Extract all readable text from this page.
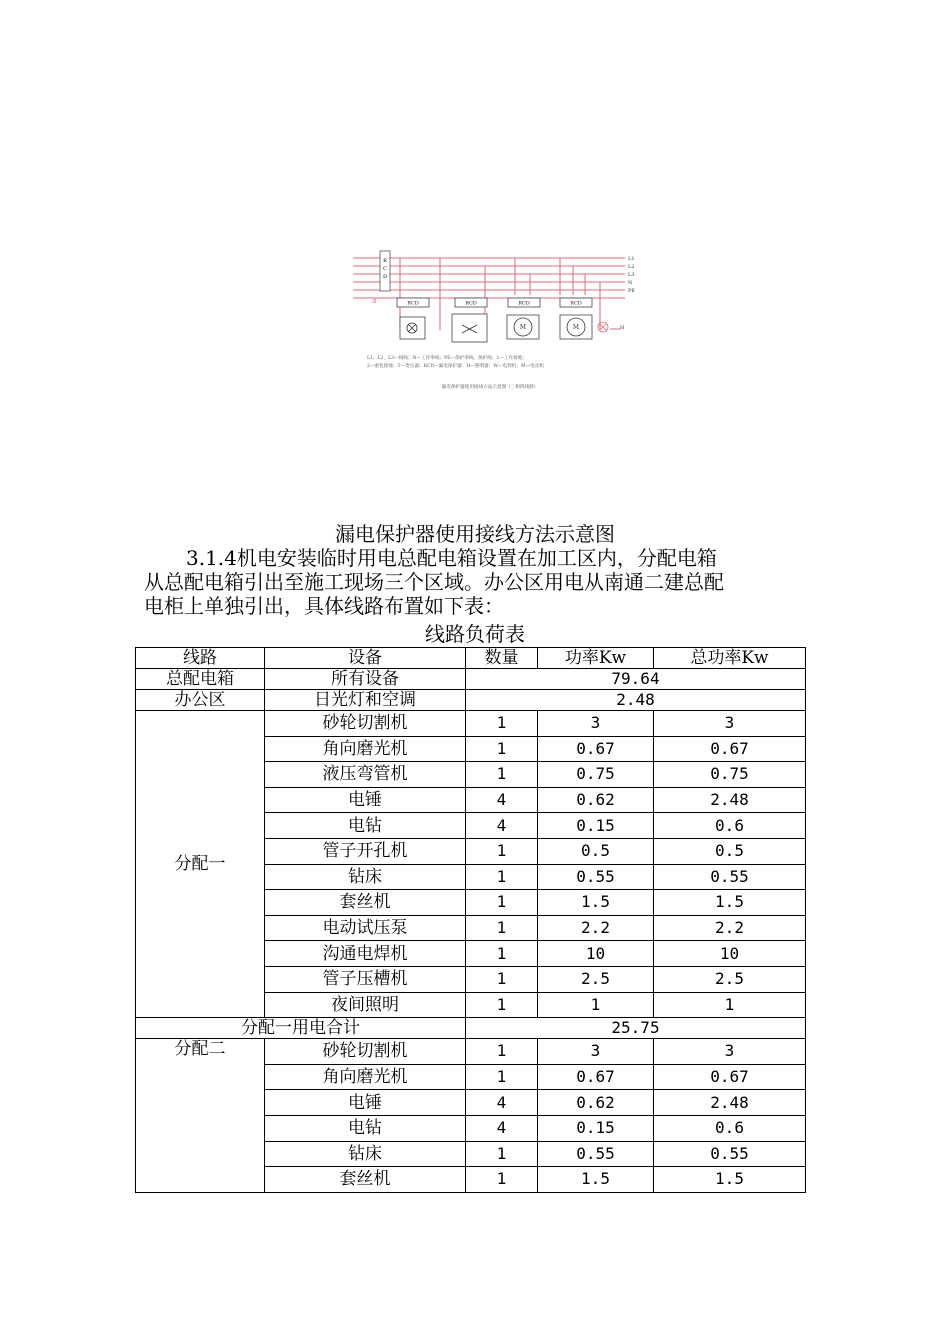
R
C
D
2	RCD	RCD	RCD	RCD
M	M	H
L1
L2
L3
N
PE
L1、L2、L3—相线；N—工作零线；PE—保护零线、保护线；1—工作接地；
2—重复接地；T—变压器；RCD—漏电保护器；H—照明器；W—电焊机；M—电动机
漏电保护器使用接线方法示意图（三相四线制）
漏电保护器使用接线方法示意图
3.1.4机电安装临时用电总配电箱设置在加工区内，分配电箱
从总配电箱引出至施工现场三个区域。办公区用电从南通二建总配
电柜上单独引出，具体线路布置如下表：
线路负荷表
线路	设备	数量	功率Kw	总功率Kw
总配电箱	所有设备	79.64		
办公区	日光灯和空调	2.48		
分配一	砂轮切割机	1	3	3
	角向磨光机	1	0.67	0.67
	液压弯管机	1	0.75	0.75
	电锤	4	0.62	2.48
	电钻	4	0.15	0.6
	管子开孔机	1	0.5	0.5
	钻床	1	0.55	0.55
	套丝机	1	1.5	1.5
	电动试压泵	1	2.2	2.2
	沟通电焊机	1	10	10
	管子压槽机	1	2.5	2.5
	夜间照明	1	1	1
分配一用电合计		25.75		
分配二	砂轮切割机	1	3	3
	角向磨光机	1	0.67	0.67
	电锤	4	0.62	2.48
	电钻	4	0.15	0.6
	钻床	1	0.55	0.55
	套丝机	1	1.5	1.5
